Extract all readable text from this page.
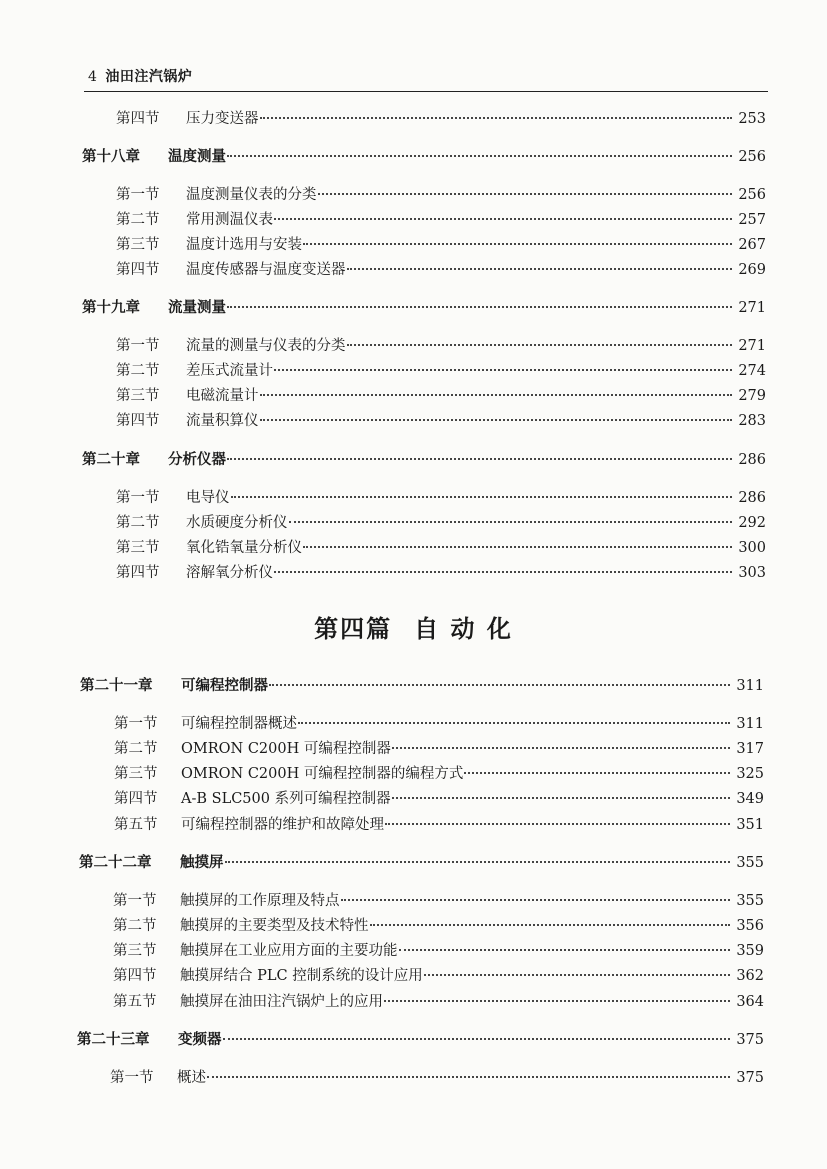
4 油田注汽锅炉
第四节	压力变送器	253
第十八章	温度测量	256
第一节	温度测量仪表的分类	256
第二节	常用测温仪表	257
第三节	温度计选用与安装	267
第四节	温度传感器与温度变送器	269
第十九章	流量测量	271
第一节	流量的测量与仪表的分类	271
第二节	差压式流量计	274
第三节	电磁流量计	279
第四节	流量积算仪	283
第二十章	分析仪器	286
第一节	电导仪	286
第二节	水质硬度分析仪	292
第三节	氧化锆氧量分析仪	300
第四节	溶解氧分析仪	303
第四篇 自 动 化
第二十一章	可编程控制器	311
第一节	可编程控制器概述	311
第二节	OMRON C200H 可编程控制器	317
第三节	OMRON C200H 可编程控制器的编程方式	325
第四节	A-B SLC500 系列可编程控制器	349
第五节	可编程控制器的维护和故障处理	351
第二十二章	触摸屏	355
第一节	触摸屏的工作原理及特点	355
第二节	触摸屏的主要类型及技术特性	356
第三节	触摸屏在工业应用方面的主要功能	359
第四节	触摸屏结合 PLC 控制系统的设计应用	362
第五节	触摸屏在油田注汽锅炉上的应用	364
第二十三章	变频器	375
第一节	概述	375
